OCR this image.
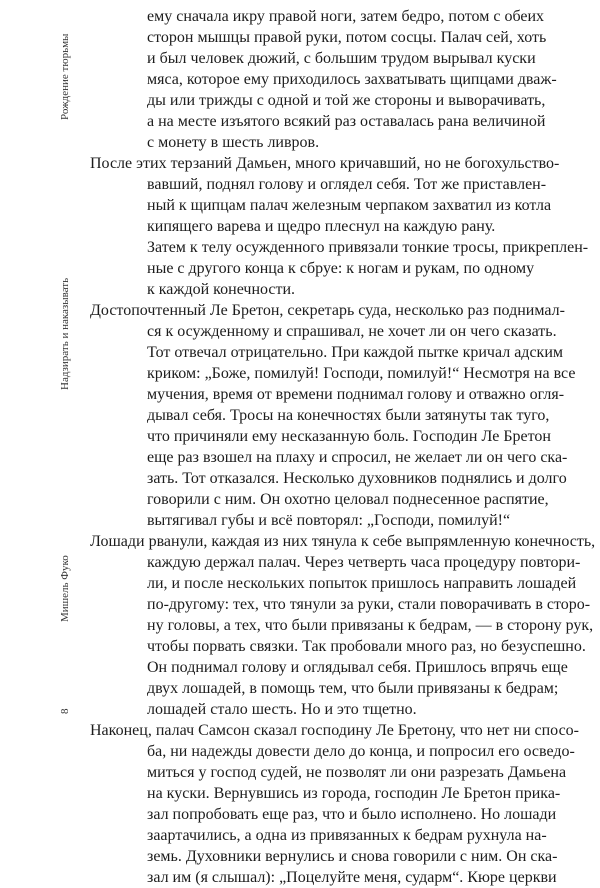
Рождение тюрьмы
Надзирать и наказывать
Мишель Фуко
8
ему сначала икру правой ноги, затем бедро, потом с обеих
сторон мышцы правой руки, потом сосцы. Палач сей, хоть
и был человек дюжий, с большим трудом вырывал куски
мяса, которое ему приходилось захватывать щипцами дваж-
ды или трижды с одной и той же стороны и выворачивать,
а на месте изъятого всякий раз оставалась рана величиной
с монету в шесть ливров.
После этих терзаний Дамьен, много кричавший, но не богохульство-
вавший, поднял голову и оглядел себя. Тот же приставлен-
ный к щипцам палач железным черпаком захватил из котла
кипящего варева и щедро плеснул на каждую рану.
Затем к телу осужденного привязали тонкие тросы, прикреплен-
ные с другого конца к сбруе: к ногам и рукам, по одному
к каждой конечности.
Достопочтенный Ле Бретон, секретарь суда, несколько раз поднимал-
ся к осужденному и спрашивал, не хочет ли он чего сказать.
Тот отвечал отрицательно. При каждой пытке кричал адским
криком: „Боже, помилуй! Господи, помилуй!“ Несмотря на все
мучения, время от времени поднимал голову и отважно огля-
дывал себя. Тросы на конечностях были затянуты так туго,
что причиняли ему несказанную боль. Господин Ле Бретон
еще раз взошел на плаху и спросил, не желает ли он чего ска-
зать. Тот отказался. Несколько духовников поднялись и долго
говорили с ним. Он охотно целовал поднесенное распятие,
вытягивал губы и всё повторял: „Господи, помилуй!“
Лошади рванули, каждая из них тянула к себе выпрямленную конечность,
каждую держал палач. Через четверть часа процедуру повтори-
ли, и после нескольких попыток пришлось направить лошадей
по-другому: тех, что тянули за руки, стали поворачивать в сторо-
ну головы, а тех, что были привязаны к бедрам, — в сторону рук,
чтобы порвать связки. Так пробовали много раз, но безуспешно.
Он поднимал голову и оглядывал себя. Пришлось впрячь еще
двух лошадей, в помощь тем, что были привязаны к бедрам;
лошадей стало шесть. Но и это тщетно.
Наконец, палач Самсон сказал господину Ле Бретону, что нет ни спосо-
ба, ни надежды довести дело до конца, и попросил его осведо-
миться у господ судей, не позволят ли они разрезать Дамьена
на куски. Вернувшись из города, господин Ле Бретон прика-
зал попробовать еще раз, что и было исполнено. Но лошади
заартачились, а одна из привязанных к бедрам рухнула на-
земь. Духовники вернулись и снова говорили с ним. Он ска-
зал им (я слышал): „Поцелуйте меня, сударм“. Кюре церкви
